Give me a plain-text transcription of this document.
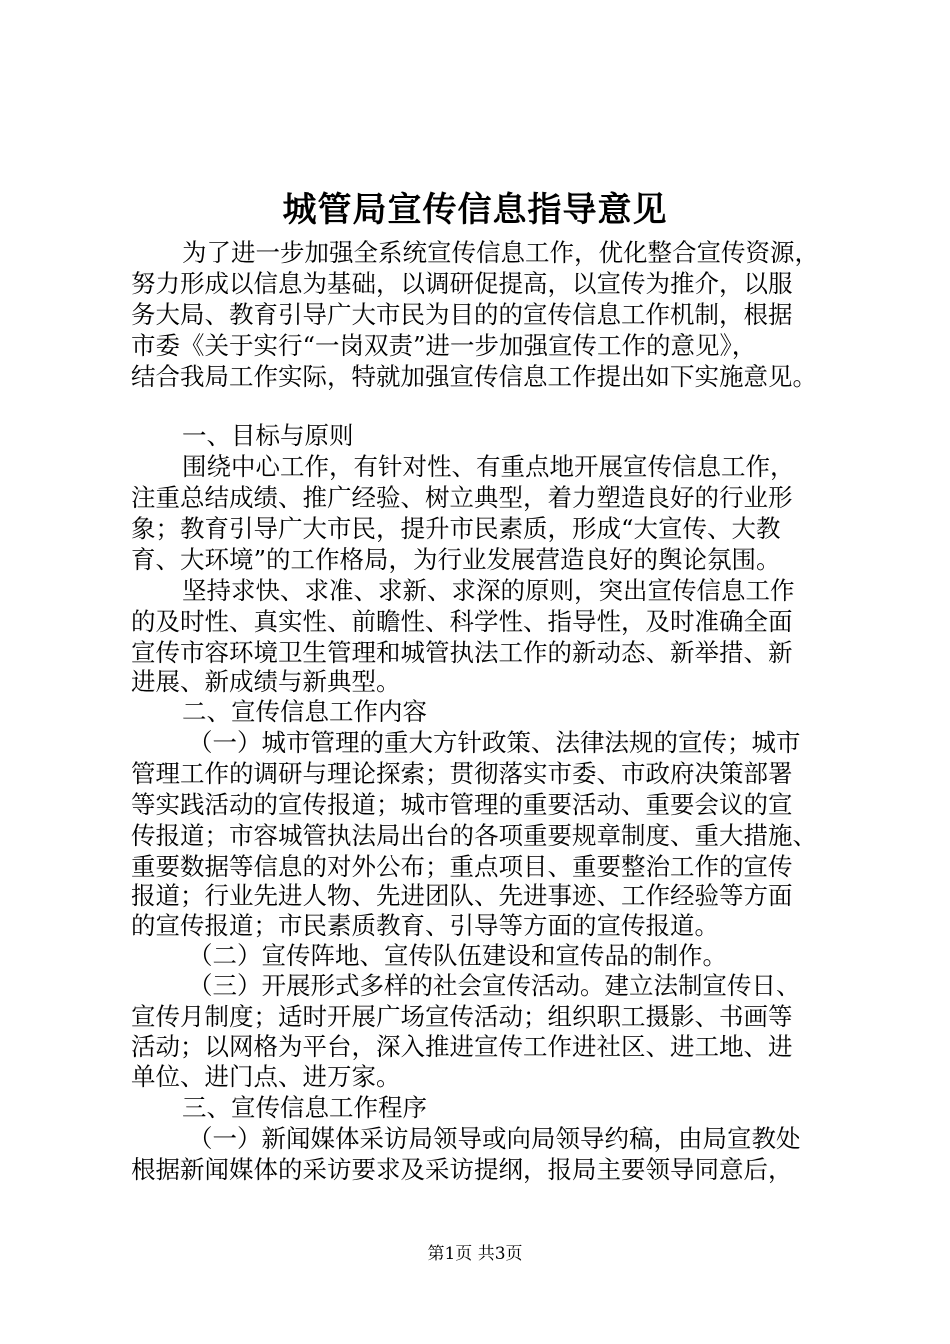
城管局宣传信息指导意见
为了进一步加强全系统宣传信息工作，优化整合宣传资源，
努力形成以信息为基础，以调研促提高，以宣传为推介，以服
务大局、教育引导广大市民为目的的宣传信息工作机制，根据
市委《关于实行“一岗双责”进一步加强宣传工作的意见》，
结合我局工作实际，特就加强宣传信息工作提出如下实施意见。
一、目标与原则
围绕中心工作，有针对性、有重点地开展宣传信息工作，
注重总结成绩、推广经验、树立典型，着力塑造良好的行业形
象；教育引导广大市民，提升市民素质，形成“大宣传、大教
育、大环境”的工作格局，为行业发展营造良好的舆论氛围。
坚持求快、求准、求新、求深的原则，突出宣传信息工作
的及时性、真实性、前瞻性、科学性、指导性，及时准确全面
宣传市容环境卫生管理和城管执法工作的新动态、新举措、新
进展、新成绩与新典型。
二、宣传信息工作内容
（一）城市管理的重大方针政策、法律法规的宣传；城市
管理工作的调研与理论探索；贯彻落实市委、市政府决策部署
等实践活动的宣传报道；城市管理的重要活动、重要会议的宣
传报道；市容城管执法局出台的各项重要规章制度、重大措施、
重要数据等信息的对外公布；重点项目、重要整治工作的宣传
报道；行业先进人物、先进团队、先进事迹、工作经验等方面
的宣传报道；市民素质教育、引导等方面的宣传报道。
（二）宣传阵地、宣传队伍建设和宣传品的制作。
（三）开展形式多样的社会宣传活动。建立法制宣传日、
宣传月制度；适时开展广场宣传活动；组织职工摄影、书画等
活动；以网格为平台，深入推进宣传工作进社区、进工地、进
单位、进门点、进万家。
三、宣传信息工作程序
（一）新闻媒体采访局领导或向局领导约稿，由局宣教处
根据新闻媒体的采访要求及采访提纲，报局主要领导同意后，
第1页 共3页
